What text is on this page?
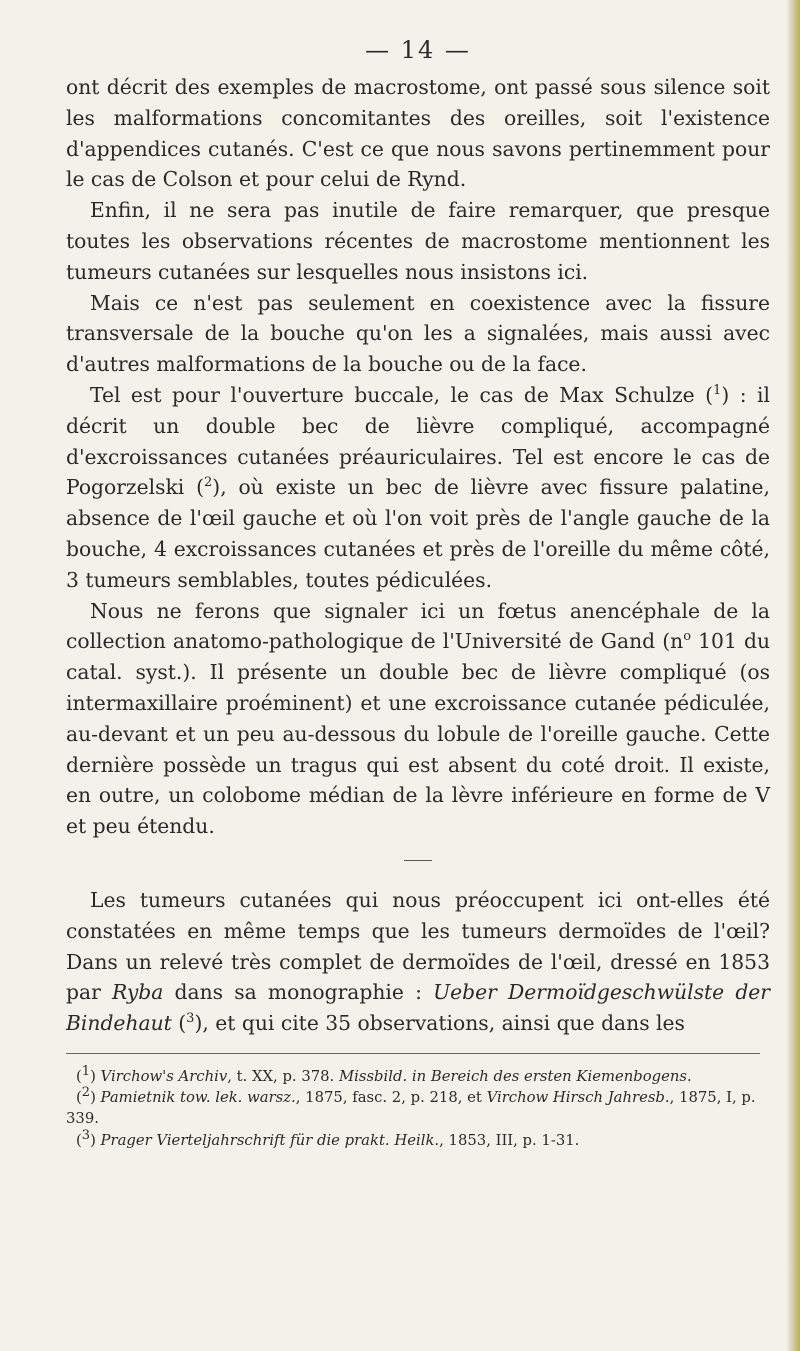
— 14 —

ont décrit des exemples de macrostome, ont passé sous silence soit les malformations concomitantes des oreilles, soit l'existence d'appendices cutanés. C'est ce que nous savons pertinemment pour le cas de Colson et pour celui de Rynd.

Enfin, il ne sera pas inutile de faire remarquer, que presque toutes les observations récentes de macrostome mentionnent les tumeurs cutanées sur lesquelles nous insistons ici.

Mais ce n'est pas seulement en coexistence avec la fissure transversale de la bouche qu'on les a signalées, mais aussi avec d'autres malformations de la bouche ou de la face.

Tel est pour l'ouverture buccale, le cas de Max Schulze ($^1$) : il décrit un double bec de lièvre compliqué, accompagné d'excroissances cutanées préauriculaires. Tel est encore le cas de Pogorzelski ($^2$), où existe un bec de lièvre avec fissure palatine, absence de l'œil gauche et où l'on voit près de l'angle gauche de la bouche, 4 excroissances cutanées et près de l'oreille du même côté, 3 tumeurs semblables, toutes pédiculées.

Nous ne ferons que signaler ici un fœtus anencéphale de la collection anatomo-pathologique de l'Université de Gand ($n^o$ 101 du catal. syst.). Il présente un double bec de lièvre compliqué (os intermaxillaire proéminent) et une excroissance cutanée pédiculée, au-devant et un peu au-dessous du lobule de l'oreille gauche. Cette dernière possède un tragus qui est absent du coté droit. Il existe, en outre, un colobome médian de la lèvre inférieure en forme de V et peu étendu.

Les tumeurs cutanées qui nous préoccupent ici ont-elles été constatées en même temps que les tumeurs dermoïdes de l'œil? Dans un relevé très complet de dermoïdes de l'œil, dressé en 1853 par Ryba dans sa monographie : Ueber Dermoïdgeschwülste der Bindehaut ($^3$), et qui cite 35 observations, ainsi que dans les

(1) Virchow's Archiv, t. XX, p. 378. Missbild. in Bereich des ersten Kiemenbogens.

(2) Pamietnik tow. lek. warsz., 1875, fasc. 2, p. 218, et Virchow Hirsch Jahresb., 1875, I, p. 339.

(3) Prager Vierteljahrschrift für die prakt. Heilk., 1853, III, p. 1-31.
